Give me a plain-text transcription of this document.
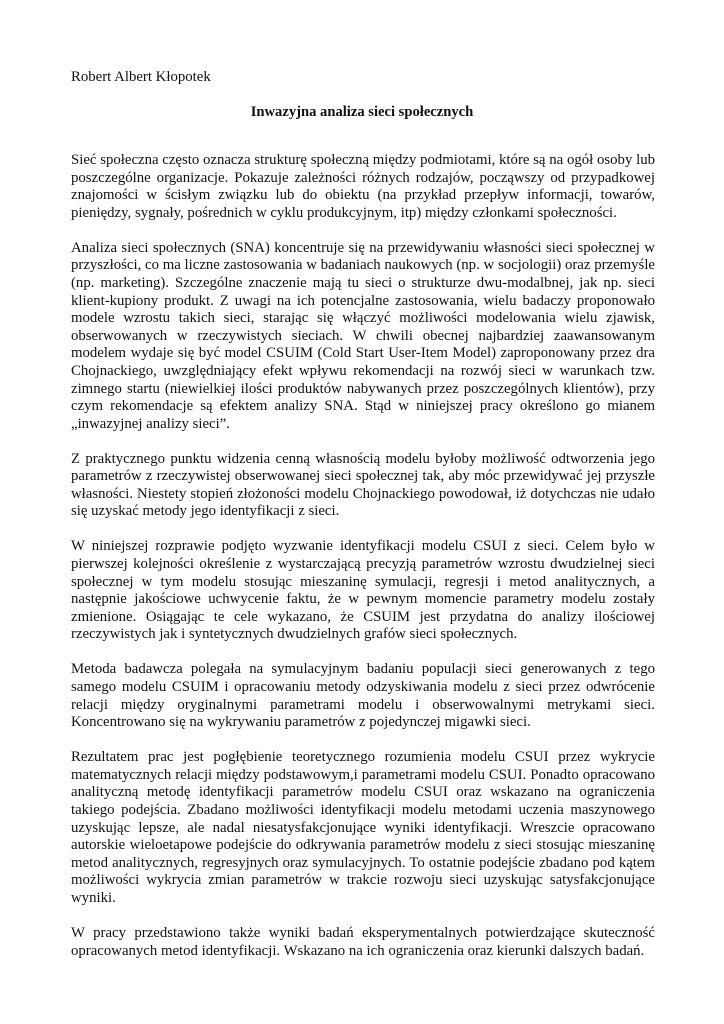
Robert Albert Kłopotek
Inwazyjna analiza sieci społecznych

Sieć społeczna często oznacza strukturę społeczną między podmiotami, które są na ogół osoby lub poszczególne organizacje. Pokazuje zależności różnych rodzajów, począwszy od przypadkowej znajomości w ścisłym związku lub do obiektu (na przykład przepływ informacji, towarów, pieniędzy, sygnały, pośrednich w cyklu produkcyjnym, itp) między członkami społeczności.

Analiza sieci społecznych (SNA) koncentruje się na przewidywaniu własności sieci społecznej w przyszłości, co ma liczne zastosowania w badaniach naukowych (np. w socjologii) oraz przemyśle (np. marketing). Szczególne znaczenie mają tu sieci o strukturze dwu-modalbnej, jak np. sieci klient-kupiony produkt. Z uwagi na ich potencjalne zastosowania, wielu badaczy proponowało modele wzrostu takich sieci, starając się włączyć możliwości modelowania wielu zjawisk, obserwowanych w rzeczywistych sieciach. W chwili obecnej najbardziej zaawansowanym modelem wydaje się być model CSUIM (Cold Start User-Item Model) zaproponowany przez dra Chojnackiego, uwzględniający efekt wpływu rekomendacji na rozwój sieci w warunkach tzw. zimnego startu (niewielkiej ilości produktów nabywanych przez poszczególnych klientów), przy czym rekomendacje są efektem analizy SNA. Stąd w niniejszej pracy określono go mianem „inwazyjnej analizy sieci”.

Z praktycznego punktu widzenia cenną własnością modelu byłoby możliwość odtworzenia jego parametrów z rzeczywistej obserwowanej sieci społecznej tak, aby móc przewidywać jej przyszłe własności. Niestety stopień złożoności modelu Chojnackiego powodował, iż dotychczas nie udało się uzyskać metody jego identyfikacji z sieci.

W niniejszej rozprawie podjęto wyzwanie identyfikacji modelu CSUI z sieci. Celem było w pierwszej kolejności określenie z wystarczającą precyzją parametrów wzrostu dwudzielnej sieci społecznej w tym modelu stosując mieszaninę symulacji, regresji i metod analitycznych, a następnie jakościowe uchwycenie faktu, że w pewnym momencie parametry modelu zostały zmienione. Osiągając te cele wykazano, że CSUIM jest przydatna do analizy ilościowej rzeczywistych jak i syntetycznych dwudzielnych grafów sieci społecznych.

Metoda badawcza polegała na symulacyjnym badaniu populacji sieci generowanych z tego samego modelu CSUIM i opracowaniu metody odzyskiwania modelu z sieci przez odwrócenie relacji między oryginalnymi parametrami modelu i obserwowalnymi metrykami sieci. Koncentrowano się na wykrywaniu parametrów z pojedynczej migawki sieci.

Rezultatem prac jest pogłębienie teoretycznego rozumienia modelu CSUI przez wykrycie matematycznych relacji między podstawowym,i parametrami modelu CSUI. Ponadto opracowano analityczną metodę identyfikacji parametrów modelu CSUI oraz wskazano na ograniczenia takiego podejścia. Zbadano możliwości identyfikacji modelu metodami uczenia maszynowego uzyskując lepsze, ale nadal niesatysfakcjonujące wyniki identyfikacji. Wreszcie opracowano autorskie wieloetapowe podejście do odkrywania parametrów modelu z sieci stosując mieszaninę metod analitycznych, regresyjnych oraz symulacyjnych. To ostatnie podejście zbadano pod kątem możliwości wykrycia zmian parametrów w trakcie rozwoju sieci uzyskując satysfakcjonujące wyniki.

W pracy przedstawiono także wyniki badań eksperymentalnych potwierdzające skuteczność opracowanych metod identyfikacji. Wskazano na ich ograniczenia oraz kierunki dalszych badań.
